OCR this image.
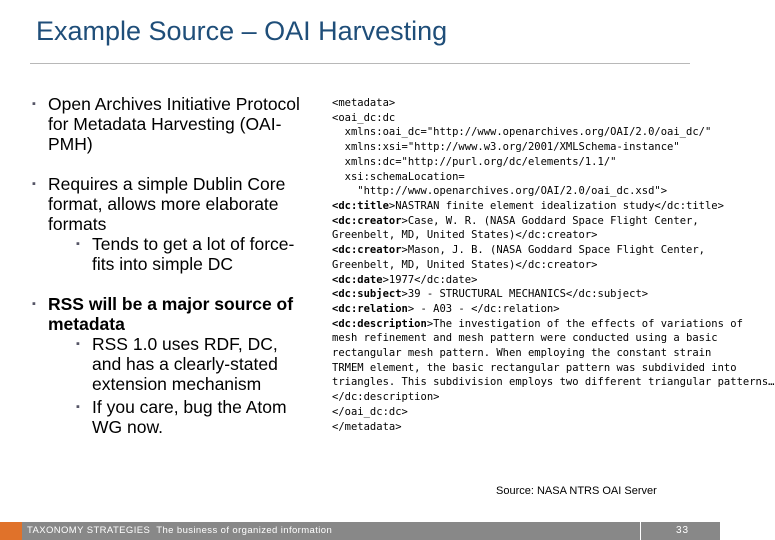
Example Source – OAI Harvesting
▪ Open Archives Initiative Protocol for Metadata Harvesting (OAI-PMH)
▪ Requires a simple Dublin Core format, allows more elaborate formats
▪ Tends to get a lot of force-fits into simple DC
▪ RSS will be a major source of metadata
▪ RSS 1.0 uses RDF, DC, and has a clearly-stated extension mechanism
▪ If you care, bug the Atom WG now.
<metadata>
<oai_dc:dc
xmlns:oai_dc="http://www.openarchives.org/OAI/2.0/oai_dc/"
xmlns:xsi="http://www.w3.org/2001/XMLSchema-instance"
xmlns:dc="http://purl.org/dc/elements/1.1/"
xsi:schemaLocation=
"http://www.openarchives.org/OAI/2.0/oai_dc.xsd">
<dc:title>NASTRAN finite element idealization study</dc:title>
<dc:creator>Case, W. R. (NASA Goddard Space Flight Center,
Greenbelt, MD, United States)</dc:creator>
<dc:creator>Mason, J. B. (NASA Goddard Space Flight Center,
Greenbelt, MD, United States)</dc:creator>
<dc:date>1977</dc:date>
<dc:subject>39 - STRUCTURAL MECHANICS</dc:subject>
<dc:relation> - A03 - </dc:relation>
<dc:description>The investigation of the effects of variations of
mesh refinement and mesh pattern were conducted using a basic
rectangular mesh pattern. When employing the constant strain
TRMEM element, the basic rectangular pattern was subdivided into
triangles. This subdivision employs two different triangular patterns…
</dc:description>
</oai_dc:dc>
</metadata>
Source: NASA NTRS OAI Server
TAXONOMY STRATEGIES The business of organized information	33
